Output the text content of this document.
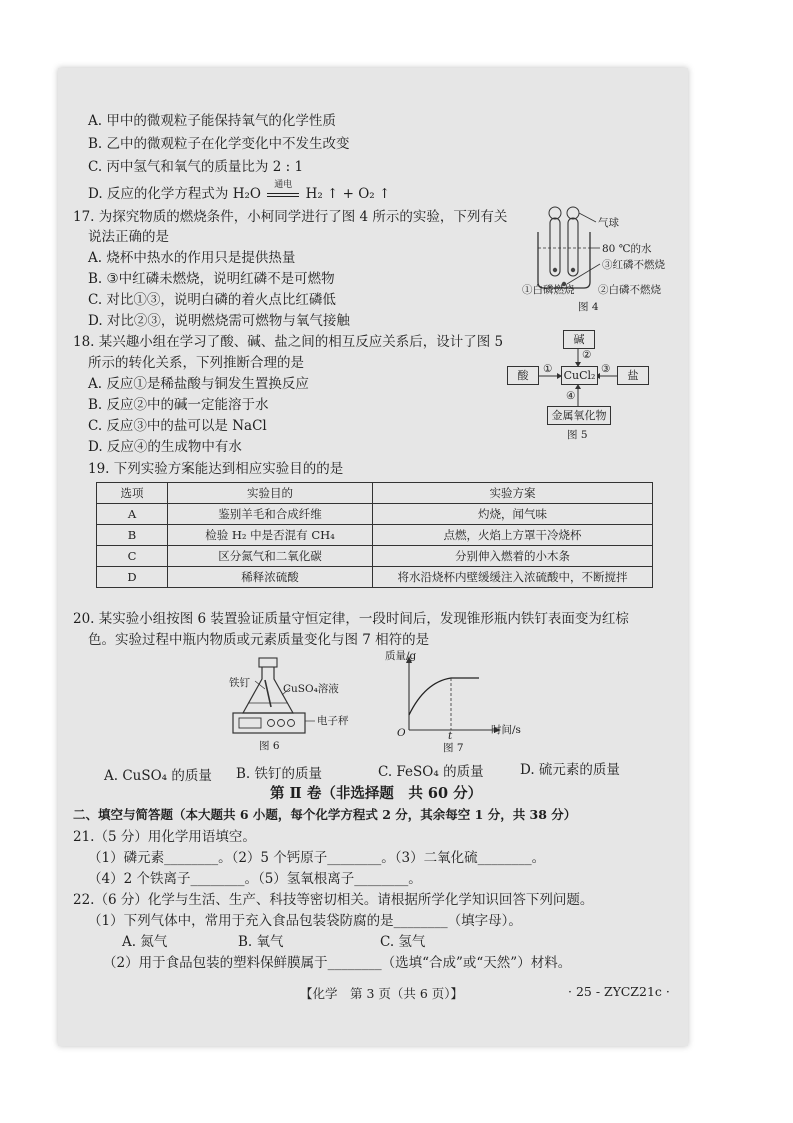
A. 甲中的微观粒子能保持氧气的化学性质
B. 乙中的微观粒子在化学变化中不发生改变
C. 丙中氢气和氧气的质量比为 2 : 1
D. 反应的化学方程式为 H₂O
通电
H₂ ↑ + O₂ ↑
17. 为探究物质的燃烧条件，小柯同学进行了图 4 所示的实验，下列有关
说法正确的是
A. 烧杯中热水的作用只是提供热量
B. ③中红磷未燃烧，说明红磷不是可燃物
C. 对比①③，说明白磷的着火点比红磷低
D. 对比②③，说明燃烧需可燃物与氧气接触
气球
80 ℃的水
③红磷不燃烧
①白磷燃烧 ②白磷不燃烧
图 4
18. 某兴趣小组在学习了酸、碱、盐之间的相互反应关系后，设计了图 5
所示的转化关系，下列推断合理的是
A. 反应①是稀盐酸与铜发生置换反应
B. 反应②中的碱一定能溶于水
C. 反应③中的盐可以是 NaCl
D. 反应④的生成物中有水
碱
酸	CuCl₂	盐
金属氧化物
①
②
③
④
图 5
19. 下列实验方案能达到相应实验目的的是
选项	实验目的	实验方案
A	鉴别羊毛和合成纤维	灼烧，闻气味
B	检验 H₂ 中是否混有 CH₄	点燃，火焰上方罩干冷烧杯
C	区分氮气和二氧化碳	分别伸入燃着的小木条
D	稀释浓硫酸	将水沿烧杯内壁缓缓注入浓硫酸中，不断搅拌
20. 某实验小组按图 6 装置验证质量守恒定律，一段时间后，发现锥形瓶内铁钉表面变为红棕
色。实验过程中瓶内物质或元素质量变化与图 7 相符的是
铁钉	CuSO₄溶液
电子秤
图 6
质量/g
时间/s
O	t
图 7
A. CuSO₄ 的质量 B. 铁钉的质量	C. FeSO₄ 的质量	D. 硫元素的质量
第 Ⅱ 卷（非选择题　共 60 分）
二、填空与简答题（本大题共 6 小题，每个化学方程式 2 分，其余每空 1 分，共 38 分）
21.（5 分）用化学用语填空。
（1）磷元素________。（2）5 个钙原子________。（3）二氧化硫________。
（4）2 个铁离子________。（5）氢氧根离子________。
22.（6 分）化学与生活、生产、科技等密切相关。请根据所学化学知识回答下列问题。
（1）下列气体中，常用于充入食品包装袋防腐的是________（填字母）。
A. 氮气	B. 氧气	C. 氢气
（2）用于食品包装的塑料保鲜膜属于________（选填“合成”或“天然”）材料。
【化学　第 3 页（共 6 页）】	· 25 - ZYCZ21c ·
